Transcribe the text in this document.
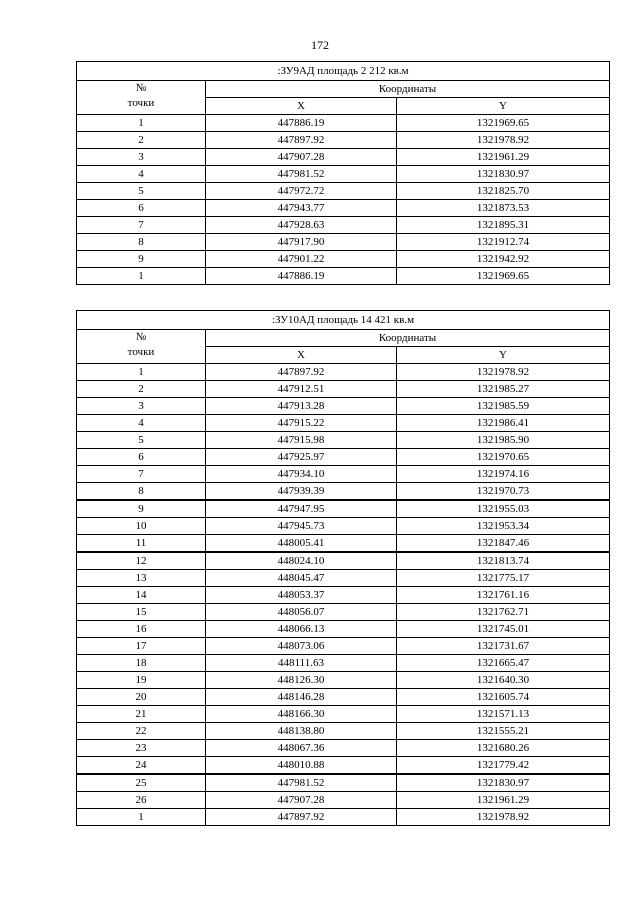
172
:ЗУ9АД площадь 2 212 кв.м		

№
точки	Координаты	
	X	Y
1	447886.19	1321969.65
2	447897.92	1321978.92
3	447907.28	1321961.29
4	447981.52	1321830.97
5	447972.72	1321825.70
6	447943.77	1321873.53
7	447928.63	1321895.31
8	447917.90	1321912.74
9	447901.22	1321942.92
1	447886.19	1321969.65
:ЗУ10АД площадь 14 421 кв.м		

№
точки	Координаты	
	X	Y
1	447897.92	1321978.92
2	447912.51	1321985.27
3	447913.28	1321985.59
4	447915.22	1321986.41
5	447915.98	1321985.90
6	447925.97	1321970.65
7	447934.10	1321974.16
8	447939.39	1321970.73
9	447947.95	1321955.03
10	447945.73	1321953.34
11	448005.41	1321847.46
12	448024.10	1321813.74
13	448045.47	1321775.17
14	448053.37	1321761.16
15	448056.07	1321762.71
16	448066.13	1321745.01
17	448073.06	1321731.67
18	448111.63	1321665.47
19	448126.30	1321640.30
20	448146.28	1321605.74
21	448166.30	1321571.13
22	448138.80	1321555.21
23	448067.36	1321680.26
24	448010.88	1321779.42
25	447981.52	1321830.97
26	447907.28	1321961.29
1	447897.92	1321978.92
